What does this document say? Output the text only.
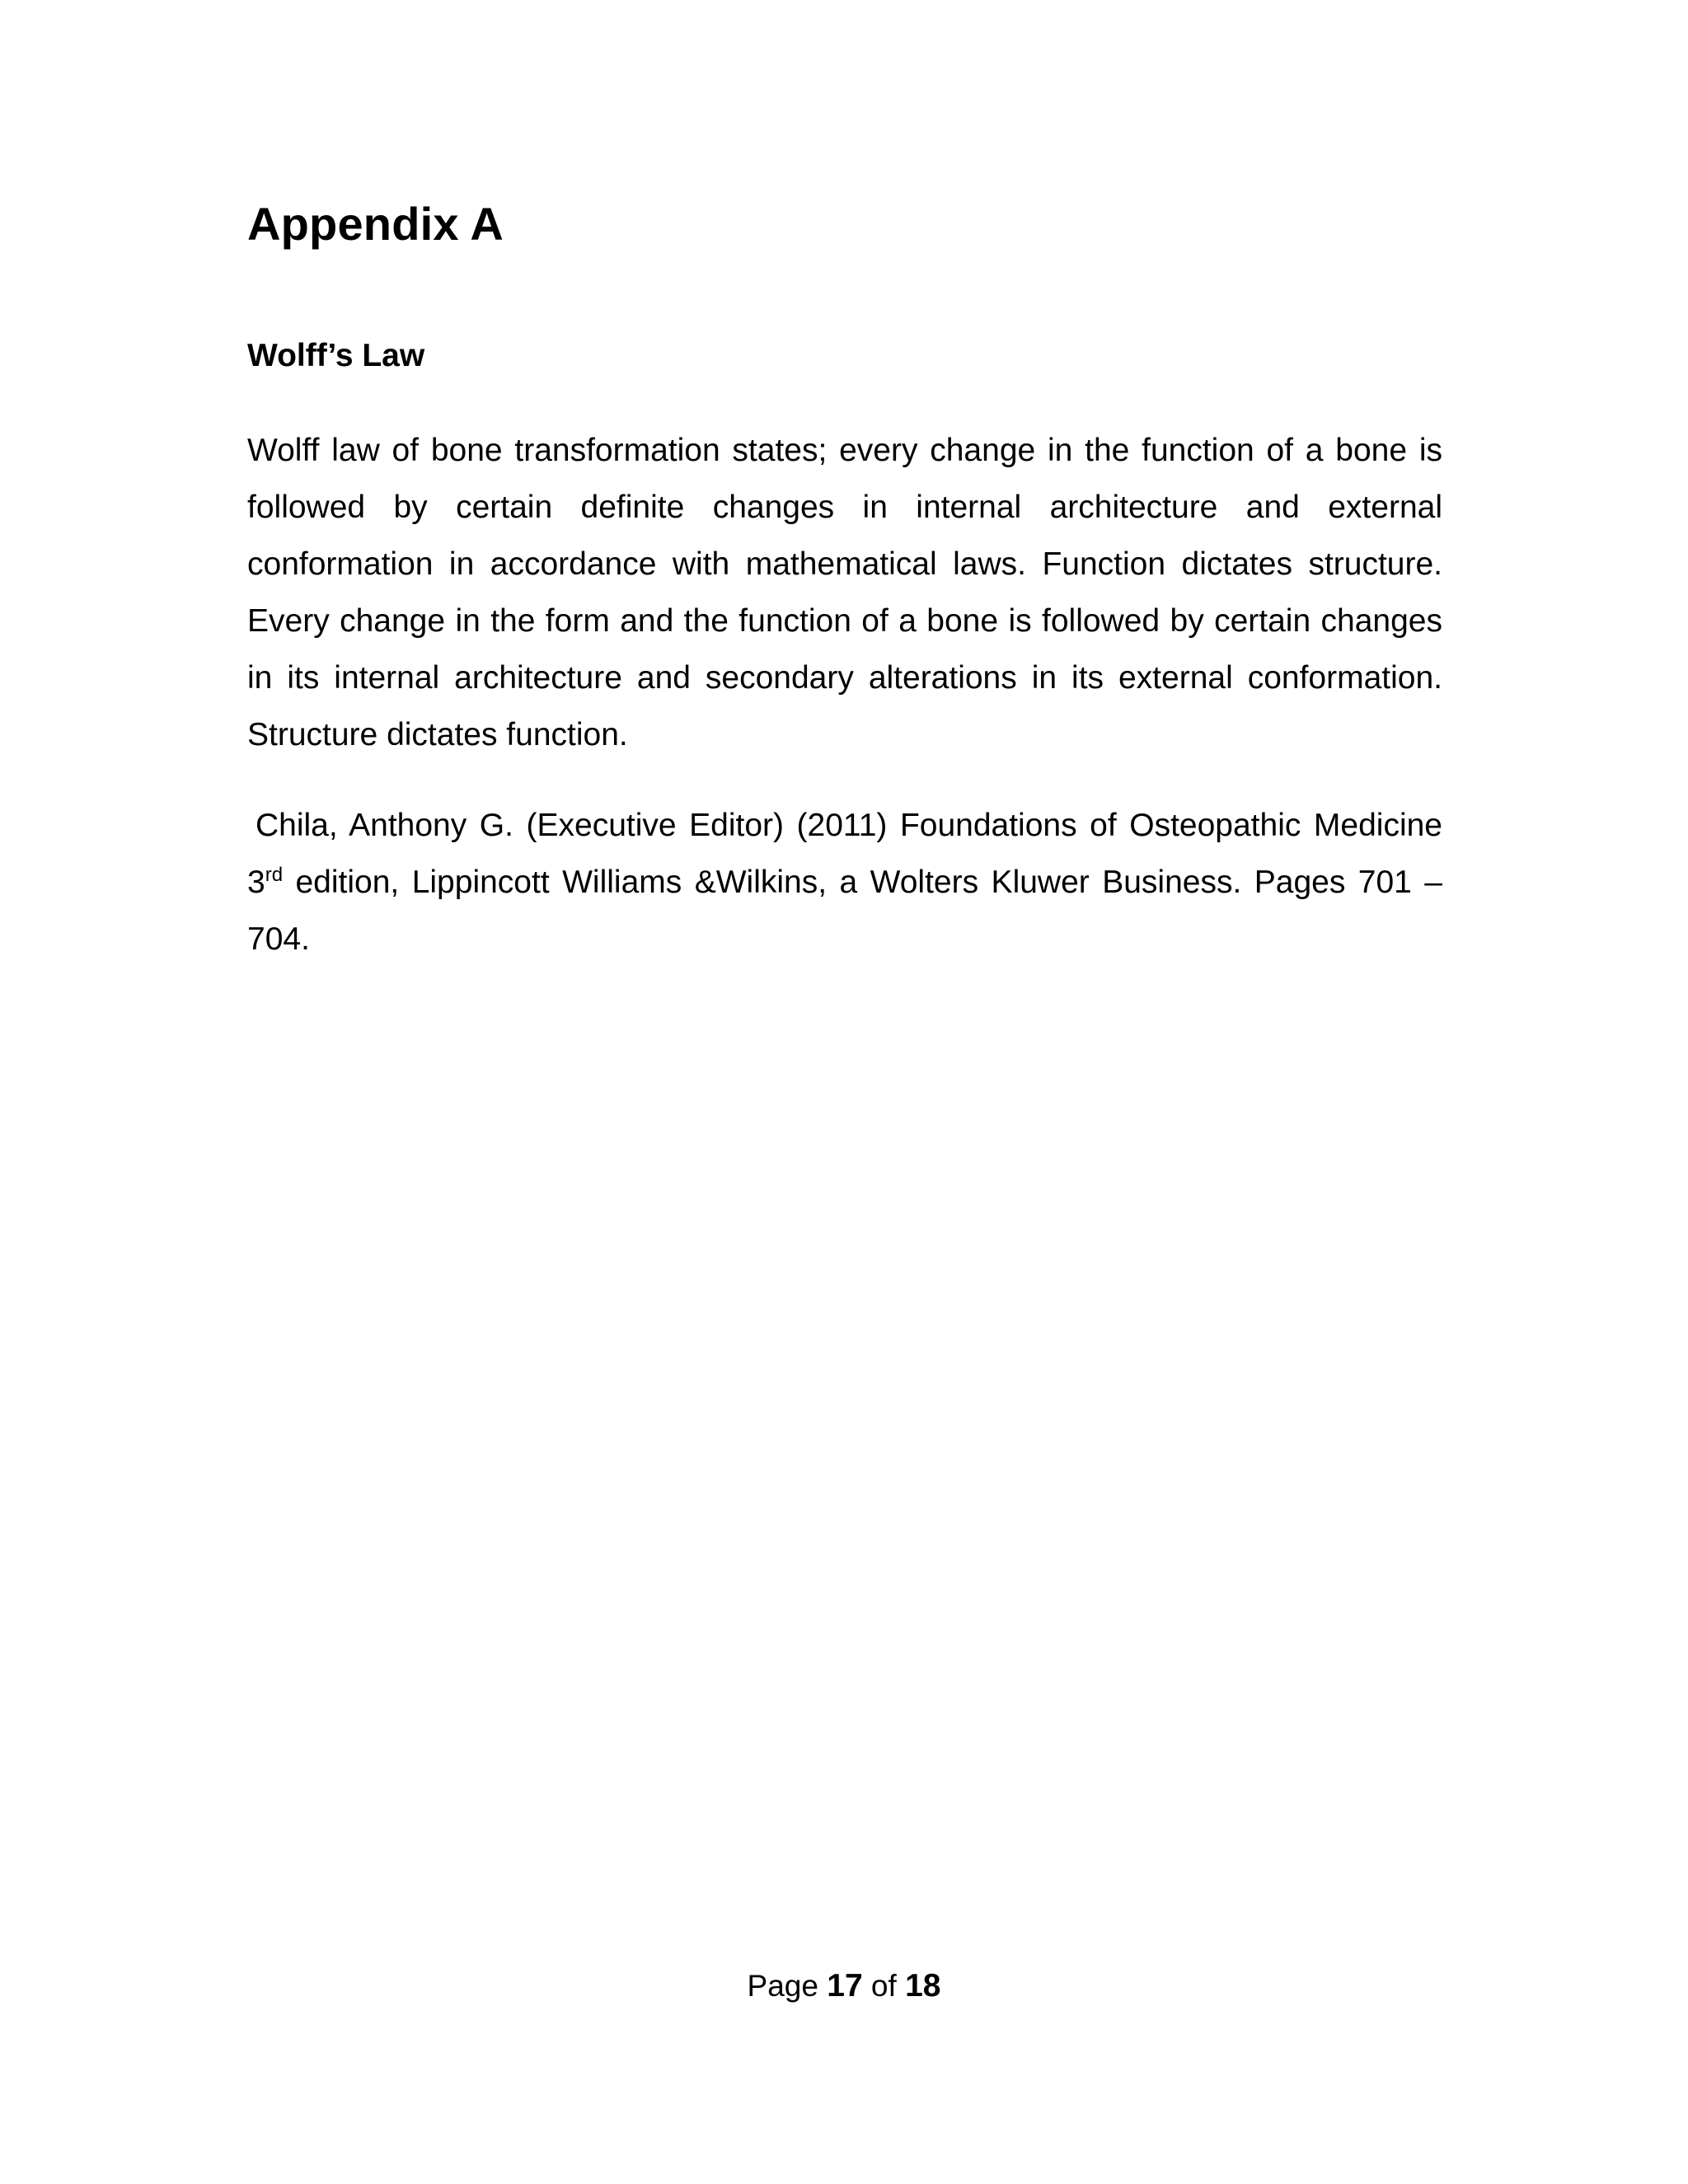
Appendix A
Wolff’s Law

Wolff law of bone transformation states; every change in the function of a bone is followed by certain definite changes in internal architecture and external conformation in accordance with mathematical laws. Function dictates structure. Every change in the form and the function of a bone is followed by certain changes in its internal architecture and secondary alterations in its external conformation. Structure dictates function.

Chila, Anthony G. (Executive Editor) (2011) Foundations of Osteopathic Medicine 3rd edition, Lippincott Williams &Wilkins, a Wolters Kluwer Business. Pages 701 – 704.

Page 17 of 18
